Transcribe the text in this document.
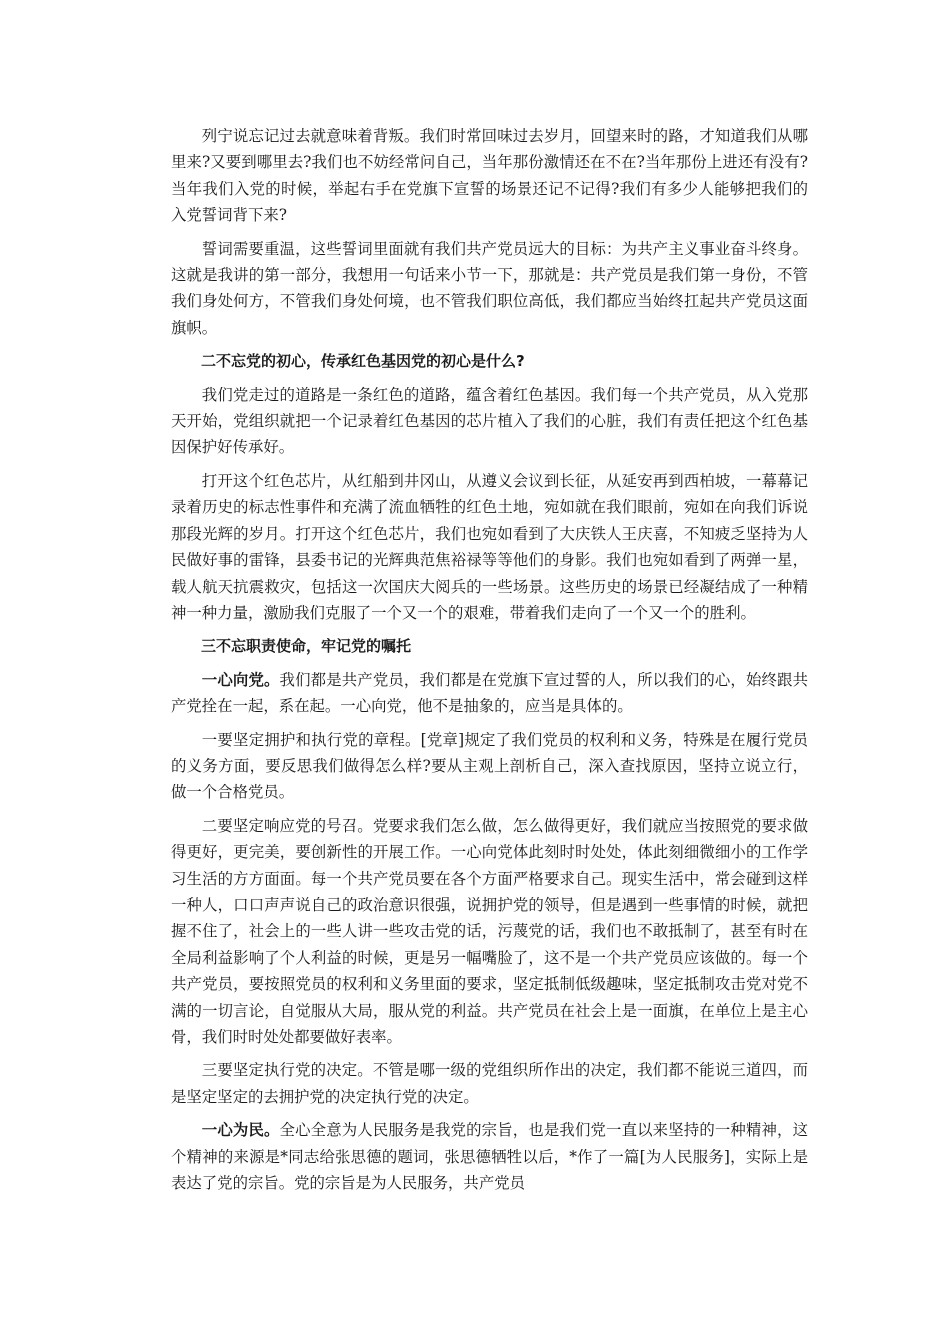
列宁说忘记过去就意味着背叛。我们时常回味过去岁月，回望来时的路，才知道我们从哪里来?又要到哪里去?我们也不妨经常问自己，当年那份激情还在不在?当年那份上进还有没有?当年我们入党的时候，举起右手在党旗下宣誓的场景还记不记得?我们有多少人能够把我们的入党誓词背下来?

誓词需要重温，这些誓词里面就有我们共产党员远大的目标：为共产主义事业奋斗终身。这就是我讲的第一部分，我想用一句话来小节一下，那就是：共产党员是我们第一身份，不管我们身处何方，不管我们身处何境，也不管我们职位高低，我们都应当始终扛起共产党员这面旗帜。

二不忘党的初心，传承红色基因党的初心是什么?

我们党走过的道路是一条红色的道路，蕴含着红色基因。我们每一个共产党员，从入党那天开始，党组织就把一个记录着红色基因的芯片植入了我们的心脏，我们有责任把这个红色基因保护好传承好。

打开这个红色芯片，从红船到井冈山，从遵义会议到长征，从延安再到西柏坡，一幕幕记录着历史的标志性事件和充满了流血牺牲的红色土地，宛如就在我们眼前，宛如在向我们诉说那段光辉的岁月。打开这个红色芯片，我们也宛如看到了大庆铁人王庆喜，不知疲乏坚持为人民做好事的雷锋，县委书记的光辉典范焦裕禄等等他们的身影。我们也宛如看到了两弹一星，载人航天抗震救灾，包括这一次国庆大阅兵的一些场景。这些历史的场景已经凝结成了一种精神一种力量，激励我们克服了一个又一个的艰难，带着我们走向了一个又一个的胜利。

三不忘职责使命，牢记党的嘱托

一心向党。我们都是共产党员，我们都是在党旗下宣过誓的人，所以我们的心，始终跟共产党拴在一起，系在起。一心向党，他不是抽象的，应当是具体的。

一要坚定拥护和执行党的章程。[党章]规定了我们党员的权利和义务，特殊是在履行党员的义务方面，要反思我们做得怎么样?要从主观上剖析自己，深入查找原因，坚持立说立行，做一个合格党员。

二要坚定响应党的号召。党要求我们怎么做，怎么做得更好，我们就应当按照党的要求做得更好，更完美，要创新性的开展工作。一心向党体此刻时时处处，体此刻细微细小的工作学习生活的方方面面。每一个共产党员要在各个方面严格要求自己。现实生活中，常会碰到这样一种人，口口声声说自己的政治意识很强，说拥护党的领导，但是遇到一些事情的时候，就把握不住了，社会上的一些人讲一些攻击党的话，污蔑党的话，我们也不敢抵制了，甚至有时在全局利益影响了个人利益的时候，更是另一幅嘴脸了，这不是一个共产党员应该做的。每一个共产党员，要按照党员的权利和义务里面的要求，坚定抵制低级趣味，坚定抵制攻击党对党不满的一切言论，自觉服从大局，服从党的利益。共产党员在社会上是一面旗，在单位上是主心骨，我们时时处处都要做好表率。

三要坚定执行党的决定。不管是哪一级的党组织所作出的决定，我们都不能说三道四，而是坚定坚定的去拥护党的决定执行党的决定。

一心为民。全心全意为人民服务是我党的宗旨，也是我们党一直以来坚持的一种精神，这个精神的来源是*同志给张思德的题词，张思德牺牲以后，*作了一篇[为人民服务]，实际上是表达了党的宗旨。党的宗旨是为人民服务，共产党员
